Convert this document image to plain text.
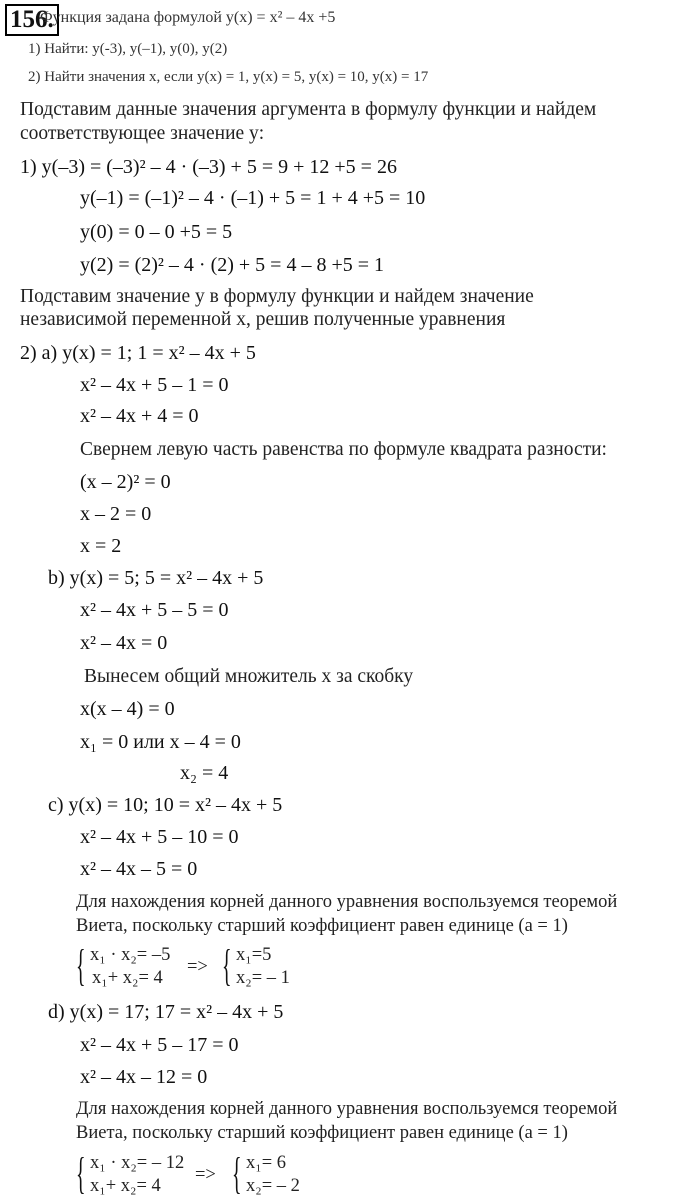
156.
Функция задана формулой y(x) = x² – 4x +5
1) Найти: y(-3), y(–1), y(0), y(2)
2) Найти значения x, если y(x) = 1, y(x) = 5, y(x) = 10, y(x) = 17
Подставим данные значения аргумента в формулу функции и найдем
соответствующее значение y:
1) y(–3) = (–3)² – 4 · (–3) + 5 = 9 + 12 +5 = 26
y(–1) = (–1)² – 4 · (–1) + 5 = 1 + 4 +5 = 10
y(0) = 0 – 0 +5 = 5
y(2) = (2)² – 4 · (2) + 5 = 4 – 8 +5 = 1
Подставим значение y в формулу функции и найдем значение
независимой переменной x, решив полученные уравнения
2) a) y(x) = 1; 1 = x² – 4x + 5
x² – 4x + 5 – 1 = 0
x² – 4x + 4 = 0
Свернем левую часть равенства по формуле квадрата разности:
(x – 2)² = 0
x – 2 = 0
x = 2
b) y(x) = 5; 5 = x² – 4x + 5
x² – 4x + 5 – 5 = 0
x² – 4x = 0
Вынесем общий множитель x за скобку
x(x – 4) = 0
x₁ = 0 или x – 4 = 0
x₂ = 4
c) y(x) = 10; 10 = x² – 4x + 5
x² – 4x + 5 – 10 = 0
x² – 4x – 5 = 0
Для нахождения корней данного уравнения воспользуемся теоремой
Виета, поскольку старший коэффициент равен единице (a = 1)
{ x₁ · x₂= –5
x₁+ x₂= 4
=> { x₁=5
x₂= – 1
d) y(x) = 17; 17 = x² – 4x + 5
x² – 4x + 5 – 17 = 0
x² – 4x – 12 = 0
Для нахождения корней данного уравнения воспользуемся теоремой
Виета, поскольку старший коэффициент равен единице (a = 1)
{ x₁ · x₂= – 12
x₁+ x₂= 4
=> { x₁= 6
x₂= – 2
